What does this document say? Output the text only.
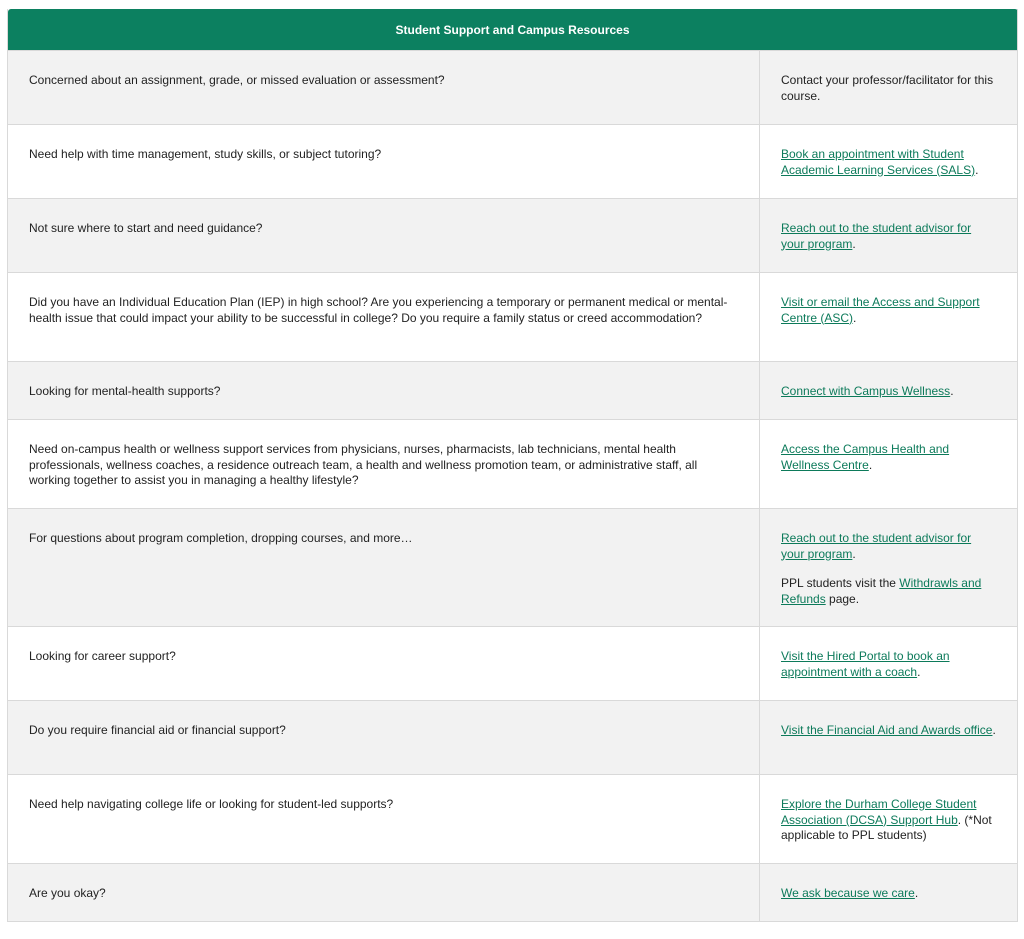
Student Support and Campus Resources	
Concerned about an assignment, grade, or missed evaluation or assessment?	Contact your professor/facilitator for this course.
Need help with time management, study skills, or subject tutoring?	Book an appointment with Student Academic Learning Services (SALS).
Not sure where to start and need guidance?	Reach out to the student advisor for your program.
Did you have an Individual Education Plan (IEP) in high school? Are you experiencing a temporary or permanent medical or mental-health issue that could impact your ability to be successful in college? Do you require a family status or creed accommodation?	Visit or email the Access and Support Centre (ASC).
Looking for mental-health supports?	Connect with Campus Wellness.
Need on-campus health or wellness support services from physicians, nurses, pharmacists, lab technicians, mental health professionals, wellness coaches, a residence outreach team, a health and wellness promotion team, or administrative staff, all working together to assist you in managing a healthy lifestyle?	Access the Campus Health and Wellness Centre.
For questions about program completion, dropping courses, and more…	Reach out to the student advisor for your program.
PPL students visit the Withdrawls and Refunds page.

Looking for career support?	Visit the Hired Portal to book an appointment with a coach.
Do you require financial aid or financial support?	Visit the Financial Aid and Awards office.
Need help navigating college life or looking for student-led supports?	Explore the Durham College Student Association (DCSA) Support Hub. (*Not applicable to PPL students)
Are you okay?	We ask because we care.
